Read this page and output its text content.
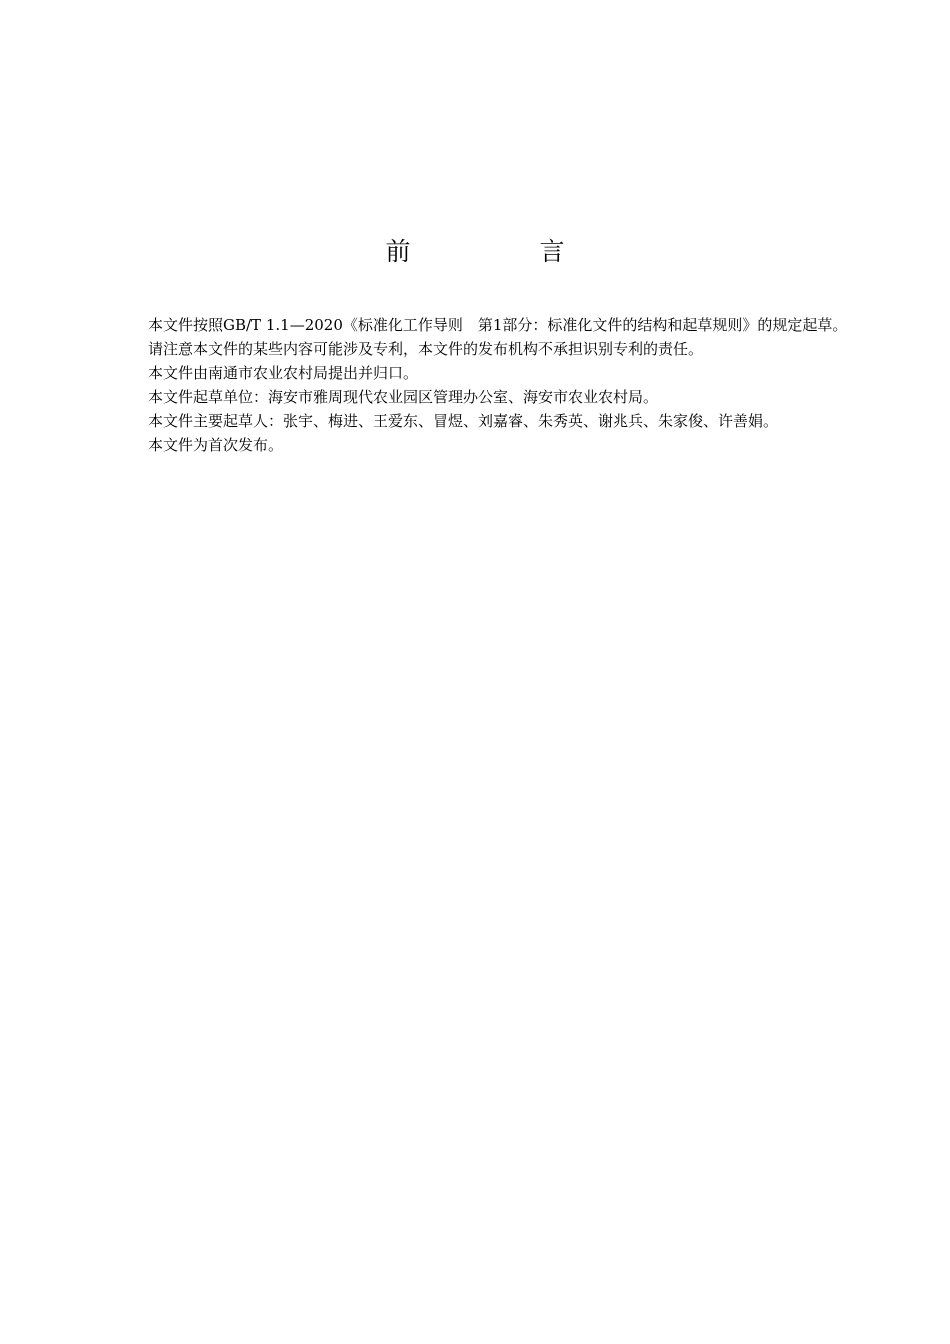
前　言

本文件按照GB/T 1.1—2020《标准化工作导则　第1部分：标准化文件的结构和起草规则》的规定起草。

请注意本文件的某些内容可能涉及专利，本文件的发布机构不承担识别专利的责任。

本文件由南通市农业农村局提出并归口。

本文件起草单位：海安市雅周现代农业园区管理办公室、海安市农业农村局。

本文件主要起草人：张宇、梅进、王爱东、冒煜、刘嘉睿、朱秀英、谢兆兵、朱家俊、许善娟。

本文件为首次发布。
